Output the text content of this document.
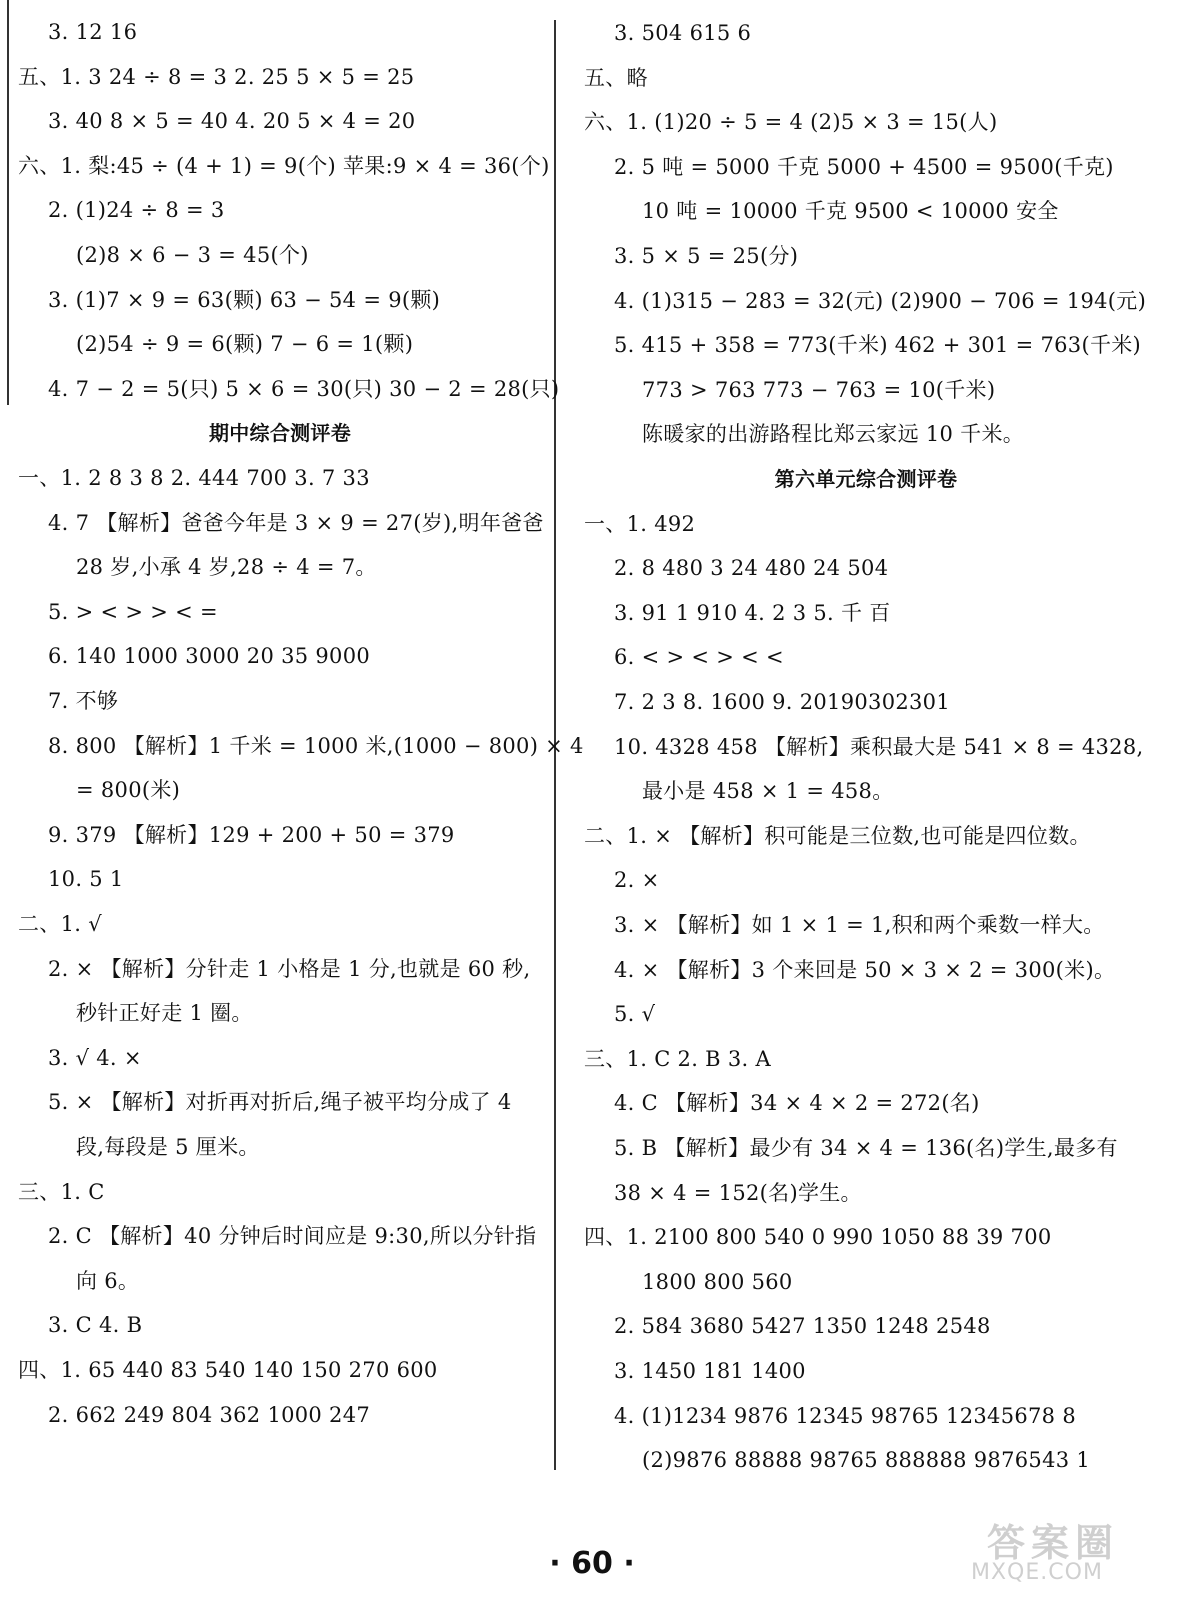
3. 12 16
五、1. 3 24 ÷ 8 = 3 2. 25 5 × 5 = 25
3. 40 8 × 5 = 40 4. 20 5 × 4 = 20
六、1. 梨:45 ÷ (4 + 1) = 9(个) 苹果:9 × 4 = 36(个)
2. (1)24 ÷ 8 = 3
(2)8 × 6 − 3 = 45(个)
3. (1)7 × 9 = 63(颗) 63 − 54 = 9(颗)
(2)54 ÷ 9 = 6(颗) 7 − 6 = 1(颗)
4. 7 − 2 = 5(只) 5 × 6 = 30(只) 30 − 2 = 28(只)
期中综合测评卷
一、1. 2 8 3 8 2. 444 700 3. 7 33
4. 7 【解析】爸爸今年是 3 × 9 = 27(岁),明年爸爸
28 岁,小承 4 岁,28 ÷ 4 = 7。
5. > < > > < =
6. 140 1000 3000 20 35 9000
7. 不够
8. 800 【解析】1 千米 = 1000 米,(1000 − 800) × 4
= 800(米)
9. 379 【解析】129 + 200 + 50 = 379
10. 5 1
二、1. √
2. × 【解析】分针走 1 小格是 1 分,也就是 60 秒,
秒针正好走 1 圈。
3. √ 4. ×
5. × 【解析】对折再对折后,绳子被平均分成了 4
段,每段是 5 厘米。
三、1. C
2. C 【解析】40 分钟后时间应是 9:30,所以分针指
向 6。
3. C 4. B
四、1. 65 440 83 540 140 150 270 600
2. 662 249 804 362 1000 247
3. 504 615 6
五、略
六、1. (1)20 ÷ 5 = 4 (2)5 × 3 = 15(人)
2. 5 吨 = 5000 千克 5000 + 4500 = 9500(千克)
10 吨 = 10000 千克 9500 < 10000 安全
3. 5 × 5 = 25(分)
4. (1)315 − 283 = 32(元) (2)900 − 706 = 194(元)
5. 415 + 358 = 773(千米) 462 + 301 = 763(千米)
773 > 763 773 − 763 = 10(千米)
陈暖家的出游路程比郑云家远 10 千米。
第六单元综合测评卷
一、1. 492
2. 8 480 3 24 480 24 504
3. 91 1 910 4. 2 3 5. 千 百
6. < > < > < <
7. 2 3 8. 1600 9. 20190302301
10. 4328 458 【解析】乘积最大是 541 × 8 = 4328,
最小是 458 × 1 = 458。
二、1. × 【解析】积可能是三位数,也可能是四位数。
2. ×
3. × 【解析】如 1 × 1 = 1,积和两个乘数一样大。
4. × 【解析】3 个来回是 50 × 3 × 2 = 300(米)。
5. √
三、1. C 2. B 3. A
4. C 【解析】34 × 4 × 2 = 272(名)
5. B 【解析】最少有 34 × 4 = 136(名)学生,最多有
38 × 4 = 152(名)学生。
四、1. 2100 800 540 0 990 1050 88 39 700
1800 800 560
2. 584 3680 5427 1350 1248 2548
3. 1450 181 1400
4. (1)1234 9876 12345 98765 12345678 8
(2)9876 88888 98765 888888 9876543 1
· 60 ·	答案圈
MXQE.COM
